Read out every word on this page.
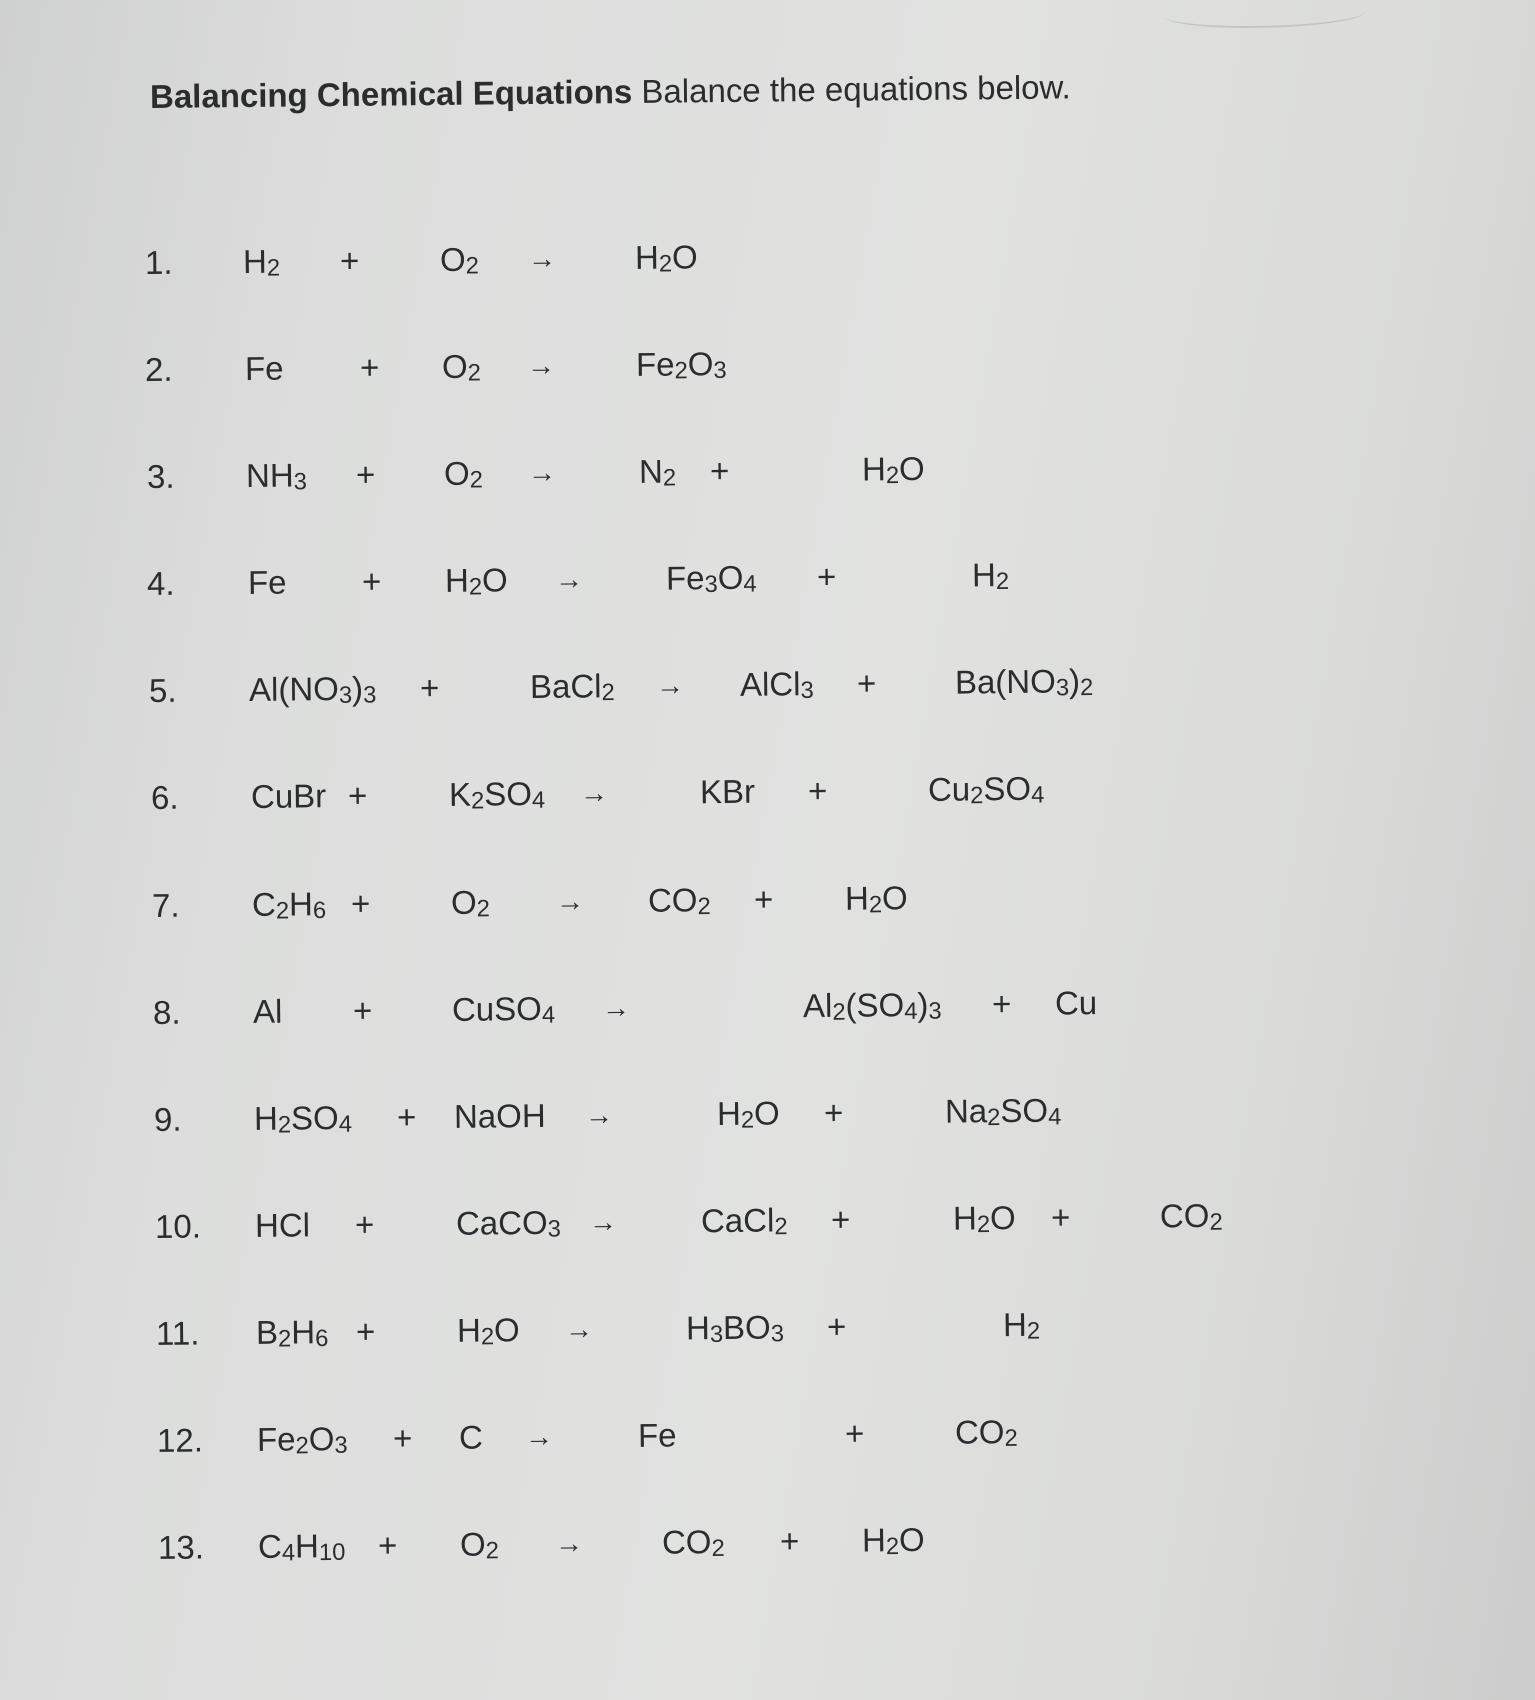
Balancing Chemical Equations Balance the equations below.
1. $H_2 + O_2 \to H_2O$
2. $Fe + O_2 \to Fe_2O_3$
3. $NH_3 + O_2$ →	$N_2$ +	$H_2O$
4. $Fe + H_2O$ →	$Fe_3O_4$ +	$H_2$
5. $Al(NO_3)_3$ +	BaCl$_2$ → AlCl$_3$ + $Ba(NO_3)_2$
6. CuBr + $K_2SO_4$ →	KBr +	$Cu_2SO_4$
7. $C_2H_6 + O_2 \to CO_2 + H_2O$
8. Al + CuSO$_4$ →	$Al_2(SO_4)_3 + Cu$
9. $H_2SO_4$ + NaOH →	$H_2O$ +	$Na_2SO_4$
10. HCl + CaCO$_3$ →	CaCl$_2$ +	$H_2O$ +	$CO_2$
11. $B_2H_6 + H_2O$ →	$H_3BO_3$ +	$H_2$
12. $Fe_2O_3 + C$ →	Fe	+	$CO_2$
13. $C_4H_{10} + O_2 \to CO_2 + H_2O$
